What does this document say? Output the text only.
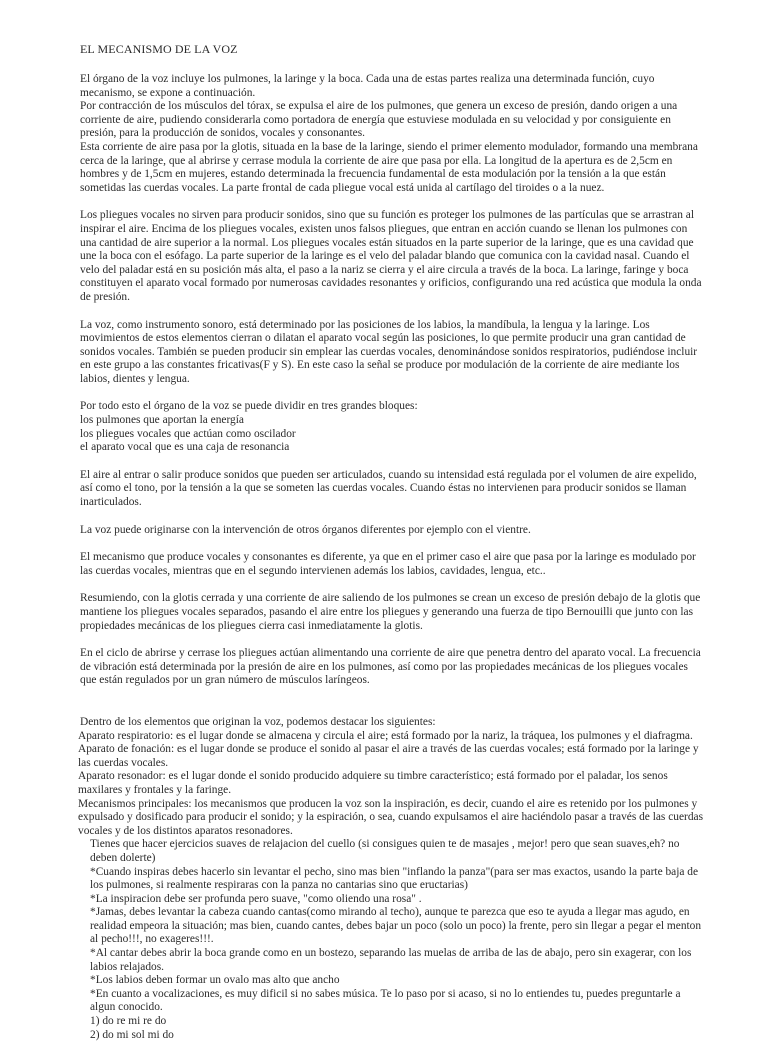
EL MECANISMO DE LA VOZ
El órgano de la voz incluye los pulmones, la laringe y la boca. Cada una de estas partes realiza una determinada función, cuyo mecanismo, se expone a continuación.
Por contracción de los músculos del tórax, se expulsa el aire de los pulmones, que genera un exceso de presión, dando origen a una corriente de aire, pudiendo considerarla como portadora de energía que estuviese modulada en su velocidad y por consiguiente en presión, para la producción de sonidos, vocales y consonantes.
Esta corriente de aire pasa por la glotis, situada en la base de la laringe, siendo el primer elemento modulador, formando una membrana cerca de la laringe, que al abrirse y cerrase modula la corriente de aire que pasa por ella. La longitud de la apertura es de 2,5cm en hombres y de 1,5cm en mujeres, estando determinada la frecuencia fundamental de esta modulación por la tensión a la que están sometidas las cuerdas vocales. La parte frontal de cada pliegue vocal está unida al cartílago del tiroides o a la nuez.
Los pliegues vocales no sirven para producir sonidos, sino que su función es proteger los pulmones de las partículas que se arrastran al inspirar el aire. Encima de los pliegues vocales, existen unos falsos pliegues, que entran en acción cuando se llenan los pulmones con una cantidad de aire superior a la normal. Los pliegues vocales están situados en la parte superior de la laringe, que es una cavidad que une la boca con el esófago. La parte superior de la laringe es el velo del paladar blando que comunica con la cavidad nasal. Cuando el velo del paladar está en su posición más alta, el paso a la nariz se cierra y el aire circula a través de la boca. La laringe, faringe y boca constituyen el aparato vocal formado por numerosas cavidades resonantes y orificios, configurando una red acústica que modula la onda de presión.
La voz, como instrumento sonoro, está determinado por las posiciones de los labios, la mandíbula, la lengua y la laringe. Los movimientos de estos elementos cierran o dilatan el aparato vocal según las posiciones, lo que permite producir una gran cantidad de sonidos vocales. También se pueden producir sin emplear las cuerdas vocales, denominándose sonidos respiratorios, pudiéndose incluir en este grupo a las constantes fricativas(F y S). En este caso la señal se produce por modulación de la corriente de aire mediante los labios, dientes y lengua.
Por todo esto el órgano de la voz se puede dividir en tres grandes bloques:
los pulmones que aportan la energía
los pliegues vocales que actúan como oscilador
el aparato vocal que es una caja de resonancia
El aire al entrar o salir produce sonidos que pueden ser articulados, cuando su intensidad está regulada por el volumen de aire expelido, así como el tono, por la tensión a la que se someten las cuerdas vocales. Cuando éstas no intervienen para producir sonidos se llaman inarticulados.
La voz puede originarse con la intervención de otros órganos diferentes por ejemplo con el vientre.
El mecanismo que produce vocales y consonantes es diferente, ya que en el primer caso el aire que pasa por la laringe es modulado por las cuerdas vocales, mientras que en el segundo intervienen además los labios, cavidades, lengua, etc..
Resumiendo, con la glotis cerrada y una corriente de aire saliendo de los pulmones se crean un exceso de presión debajo de la glotis que mantiene los pliegues vocales separados, pasando el aire entre los pliegues y generando una fuerza de tipo Bernouilli que junto con las propiedades mecánicas de los pliegues cierra casi inmediatamente la glotis.
En el ciclo de abrirse y cerrase los pliegues actúan alimentando una corriente de aire que penetra dentro del aparato vocal. La frecuencia de vibración está determinada por la presión de aire en los pulmones, así como por las propiedades mecánicas de los pliegues vocales que están regulados por un gran número de músculos laríngeos.
Dentro de los elementos que originan la voz, podemos destacar los siguientes:
Aparato respiratorio: es el lugar donde se almacena y circula el aire; está formado por la nariz, la tráquea, los pulmones y el diafragma.
Aparato de fonación: es el lugar donde se produce el sonido al pasar el aire a través de las cuerdas vocales; está formado por la laringe y las cuerdas vocales.
Aparato resonador: es el lugar donde el sonido producido adquiere su timbre característico; está formado por el paladar, los senos maxilares y frontales y la faringe.
Mecanismos principales: los mecanismos que producen la voz son la inspiración, es decir, cuando el aire es retenido por los pulmones y expulsado y dosificado para producir el sonido; y la espiración, o sea, cuando expulsamos el aire haciéndolo pasar a través de las cuerdas vocales y de los distintos aparatos resonadores.
Tienes que hacer ejercicios suaves de relajacion del cuello (si consigues quien te de masajes , mejor! pero que sean suaves,eh? no deben dolerte)
*Cuando inspiras debes hacerlo sin levantar el pecho, sino mas bien "inflando la panza"(para ser mas exactos, usando la parte baja de los pulmones, si realmente respiraras con la panza no cantarias sino que eructarias)
*La inspiracion debe ser profunda pero suave, "como oliendo una rosa" .
*Jamas, debes levantar la cabeza cuando cantas(como mirando al techo), aunque te parezca que eso te ayuda a llegar mas agudo, en realidad empeora la situación; mas bien, cuando cantes, debes bajar un poco (solo un poco) la frente, pero sin llegar a pegar el menton al pecho!!!, no exageres!!!.
*Al cantar debes abrir la boca grande como en un bostezo, separando las muelas de arriba de las de abajo, pero sin exagerar, con los labios relajados.
*Los labios deben formar un ovalo mas alto que ancho
*En cuanto a vocalizaciones, es muy dificil si no sabes música. Te lo paso por si acaso, si no lo entiendes tu, puedes preguntarle a algun conocido.
1) do re mi re do
2) do mi sol mi do
